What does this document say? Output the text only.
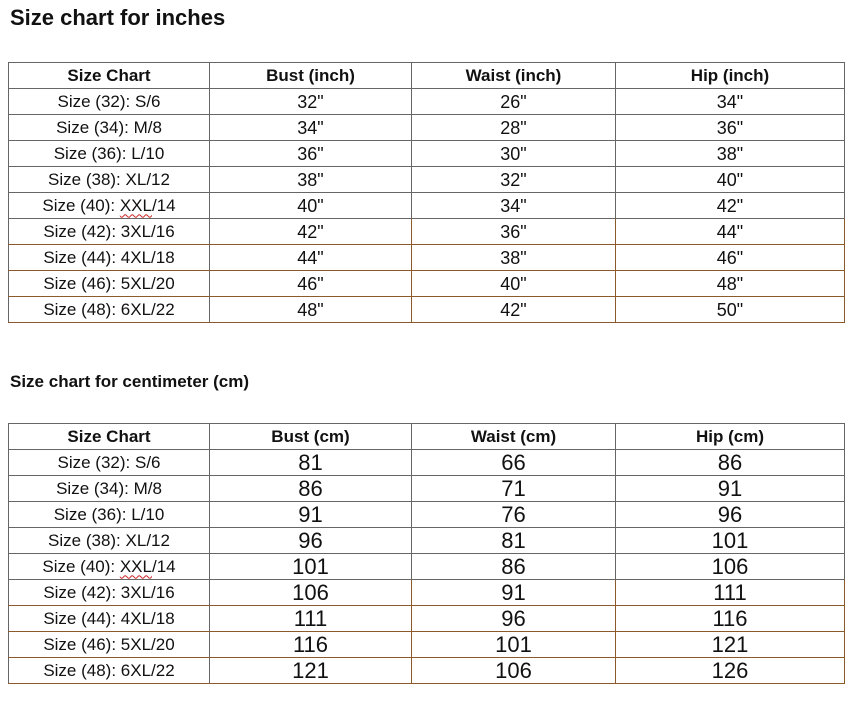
Size chart for inches
Size Chart	Bust (inch)	Waist (inch)	Hip (inch)
Size (32): S/6	32"	26"	34"
Size (34): M/8	34"	28"	36"
Size (36): L/10	36"	30"	38"
Size (38): XL/12	38"	32"	40"
Size (40): XXL/14	40"	34"	42"
Size (42): 3XL/16	42"	36"	44"
Size (44): 4XL/18	44"	38"	46"
Size (46): 5XL/20	46"	40"	48"
Size (48): 6XL/22	48"	42"	50"
Size chart for centimeter (cm)
Size Chart	Bust (cm)	Waist (cm)	Hip (cm)
Size (32): S/6	81	66	86
Size (34): M/8	86	71	91
Size (36): L/10	91	76	96
Size (38): XL/12	96	81	101
Size (40): XXL/14	101	86	106
Size (42): 3XL/16	106	91	111
Size (44): 4XL/18	111	96	116
Size (46): 5XL/20	116	101	121
Size (48): 6XL/22	121	106	126
